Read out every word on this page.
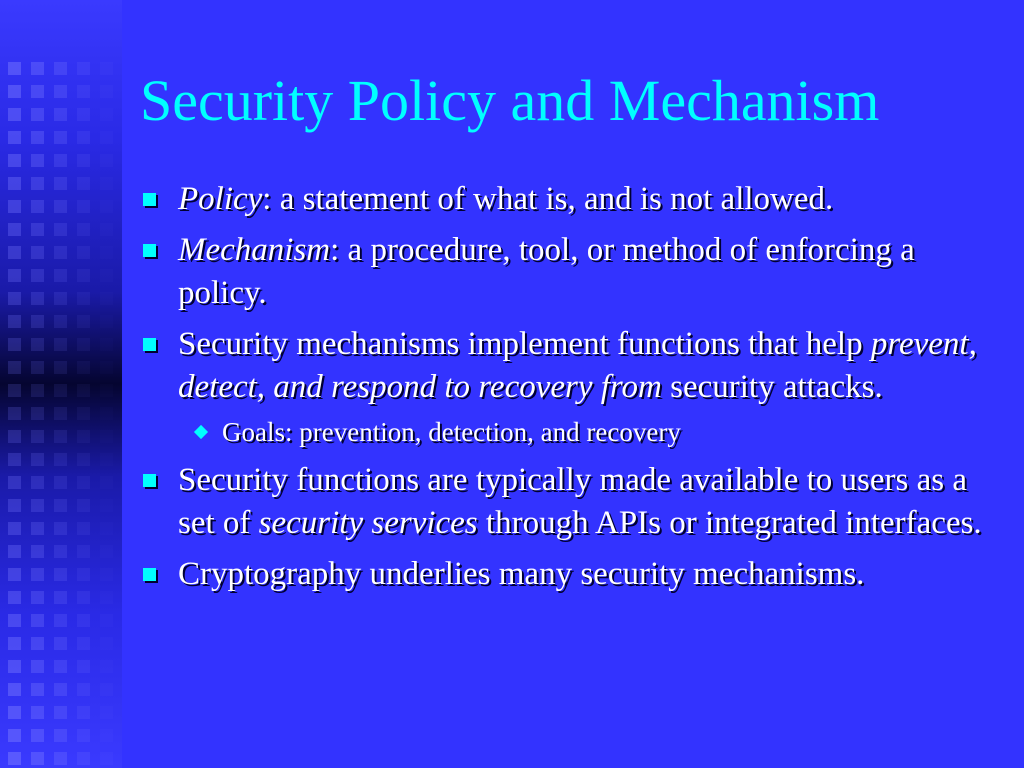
Security Policy and Mechanism
Policy: a statement of what is, and is not allowed.
Mechanism: a procedure, tool, or method of enforcing a policy.
Security mechanisms implement functions that help prevent, detect, and respond to recovery from security attacks.
Goals: prevention, detection, and recovery
Security functions are typically made available to users as a set of security services through APIs or integrated interfaces.
Cryptography underlies many security mechanisms.
